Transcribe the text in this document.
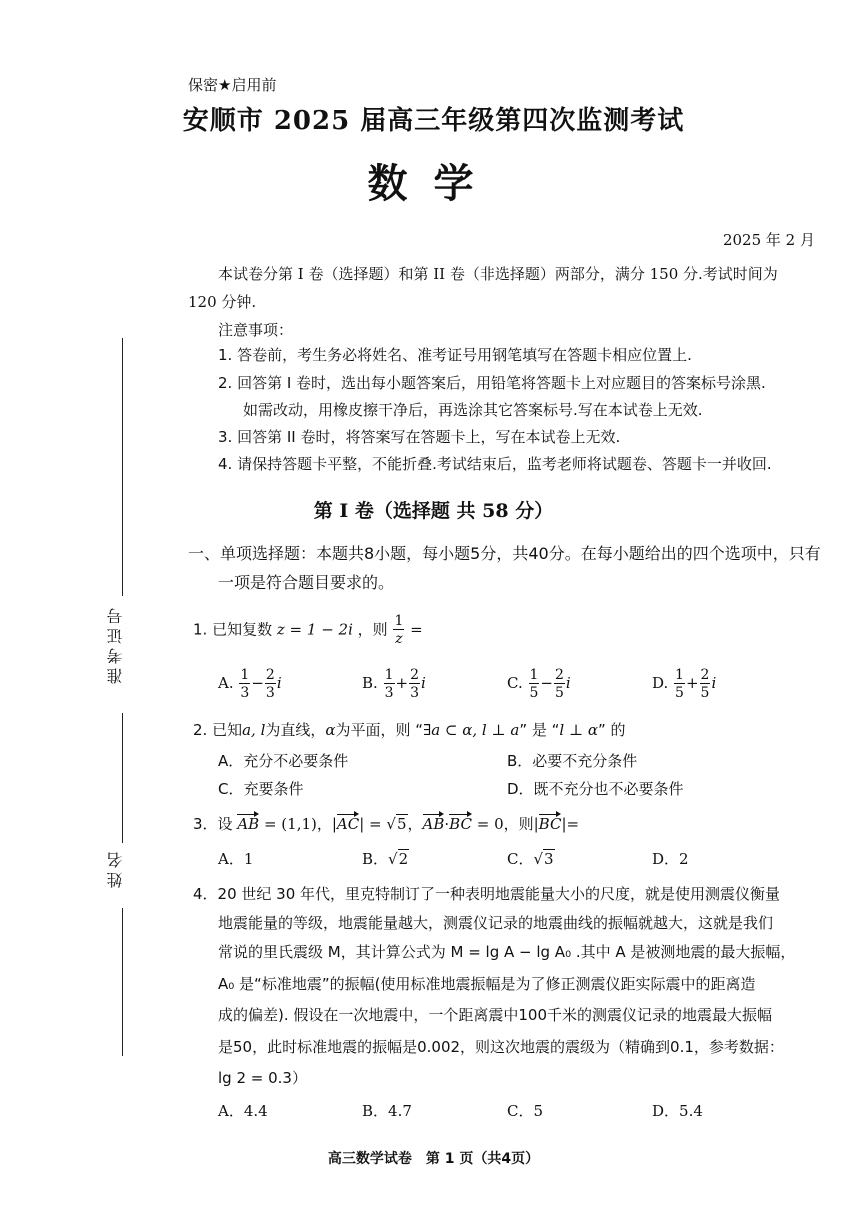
保密★启用前
安顺市 2025 届高三年级第四次监测考试
数学
2025 年 2 月
本试卷分第 I 卷（选择题）和第 II 卷（非选择题）两部分，满分 150 分.考试时间为
120 分钟.
注意事项：
1. 答卷前，考生务必将姓名、准考证号用钢笔填写在答题卡相应位置上.
2. 回答第 I 卷时，选出每小题答案后，用铅笔将答题卡上对应题目的答案标号涂黑.
如需改动，用橡皮擦干净后，再选涂其它答案标号.写在本试卷上无效.
3. 回答第 II 卷时，将答案写在答题卡上，写在本试卷上无效.
4. 请保持答题卡平整，不能折叠.考试结束后，监考老师将试题卷、答题卡一并收回.
准考证号
姓名
第 I 卷（选择题 共 58 分）
一、单项选择题：本题共8小题，每小题5分，共40分。在每小题给出的四个选项中，只有
一项是符合题目要求的。
1. 已知复数 z = 1 − 2i ，则 $\frac{1}{z}$ =
A. $\frac{1}{3} - \frac{2}{3}$ i	B. $\frac{1}{3} + \frac{2}{3}$ i	C. $\frac{1}{5} - \frac{2}{5}$ i	D. $\frac{1}{5} + \frac{2}{5}$ i
2. 已知a, l为直线，α为平面，则 “∃a ⊂ α, l ⊥ a” 是 “l ⊥ α” 的
A．充分不必要条件	B．必要不充分条件
C．充要条件	D．既不充分也不必要条件
3．设 AB = (1,1)，|AC| = √5，AB·BC = 0，则|BC|=
A．1	B．√2	C．√3	D．2
4．20 世纪 30 年代，里克特制订了一种表明地震能量大小的尺度，就是使用测震仪衡量
地震能量的等级，地震能量越大，测震仪记录的地震曲线的振幅就越大，这就是我们
常说的里氏震级 M，其计算公式为 M = lg A − lg A₀ .其中 A 是被测地震的最大振幅，
A₀ 是“标准地震”的振幅(使用标准地震振幅是为了修正测震仪距实际震中的距离造
成的偏差). 假设在一次地震中，一个距离震中100千米的测震仪记录的地震最大振幅
是50，此时标准地震的振幅是0.002，则这次地震的震级为（精确到0.1，参考数据：
lg 2 = 0.3）
A．4.4	B．4.7	C．5	D．5.4
高三数学试卷　第 1 页（共4页）
